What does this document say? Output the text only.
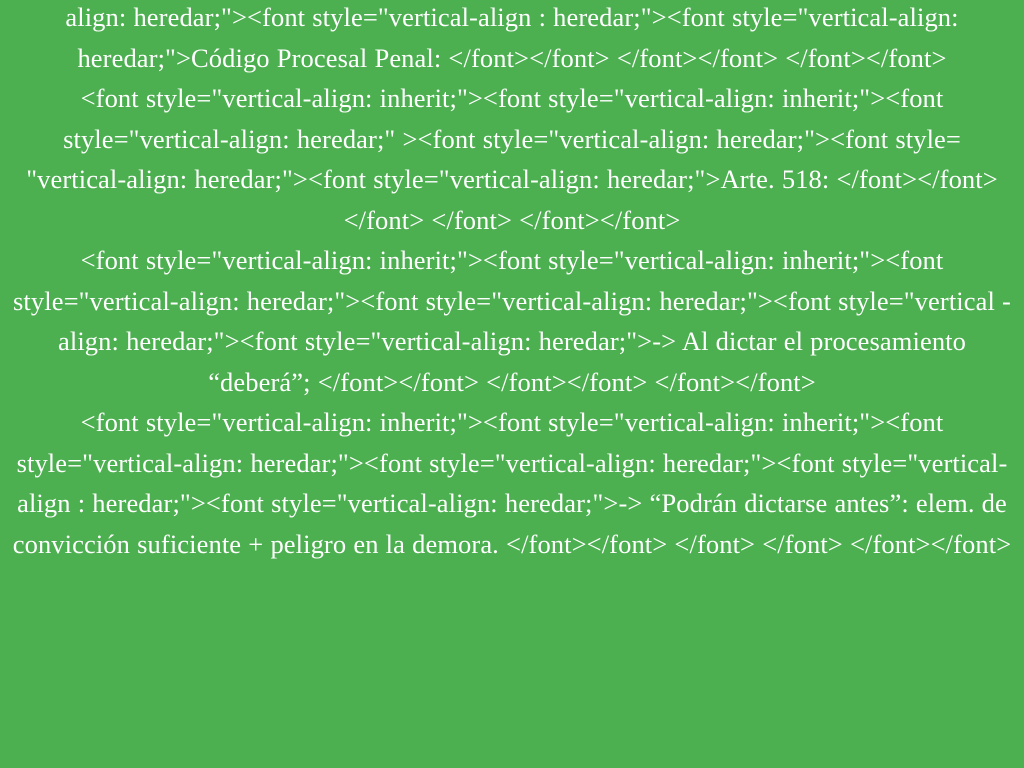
align: heredar;"><font style="vertical-align : heredar;"><font style="vertical-align: heredar;">Código Procesal Penal: </font></font> </font></font> </font></font>
<font style="vertical-align: inherit;"><font style="vertical-align: inherit;"><font style="vertical-align: heredar;" ><font style="vertical-align: heredar;"><font style= "vertical-align: heredar;"><font style="vertical-align: heredar;">Arte. 518: </font></font> </font> </font> </font></font>
<font style="vertical-align: inherit;"><font style="vertical-align: inherit;"><font style="vertical-align: heredar;"><font style="vertical-align: heredar;"><font style="vertical -align: heredar;"><font style="vertical-align: heredar;">-> Al dictar el procesamiento “deberá”; </font></font> </font></font> </font></font>
<font style="vertical-align: inherit;"><font style="vertical-align: inherit;"><font style="vertical-align: heredar;"><font style="vertical-align: heredar;"><font style="vertical-align : heredar;"><font style="vertical-align: heredar;">-> “Podrán dictarse antes”: elem. de convicción suficiente + peligro en la demora. </font></font> </font> </font> </font></font>
